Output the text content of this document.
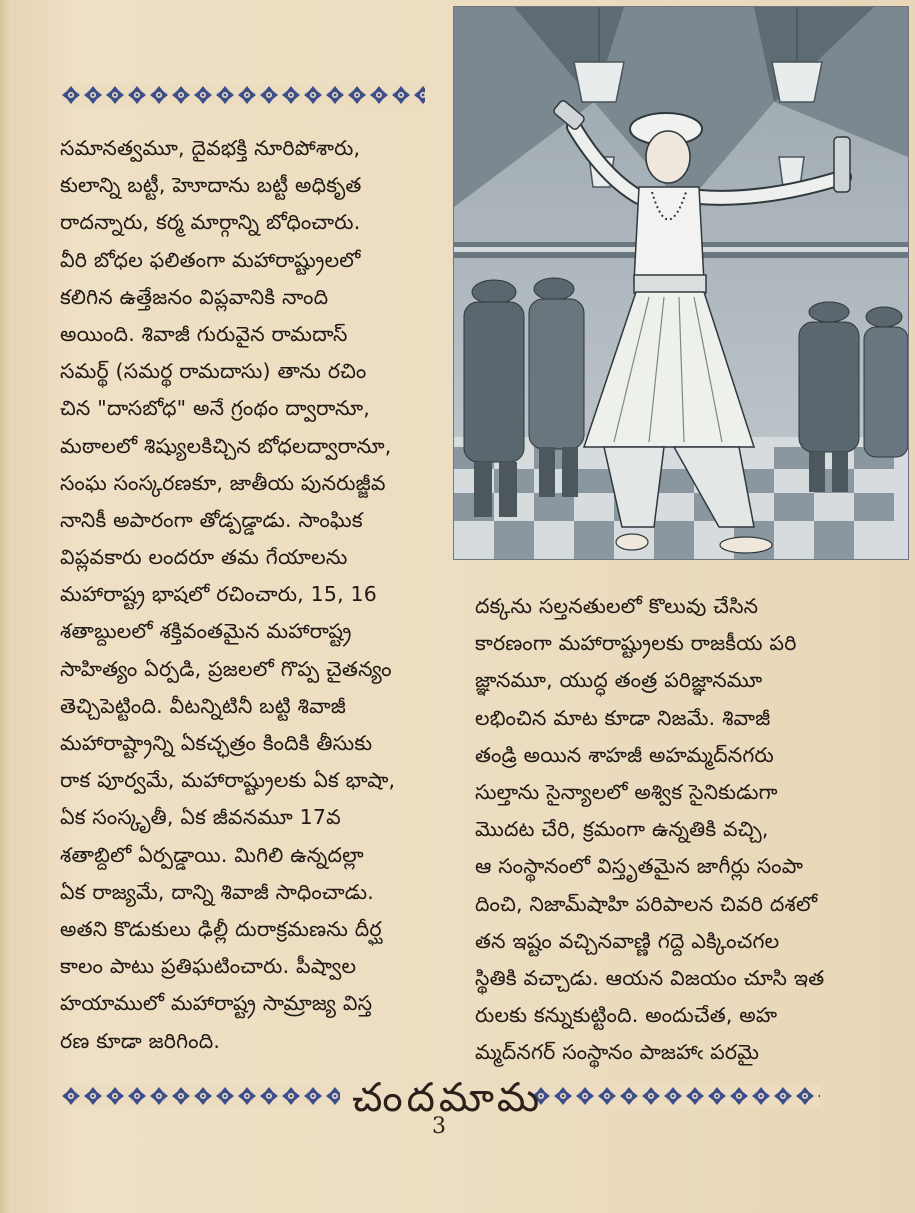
సమానత్వమూ, దైవభక్తి నూరిపోశారు,
కులాన్ని బట్టీ, హెూదాను బట్టీ అధికృత
రాదన్నారు, కర్మ మార్గాన్ని బోధించారు.
వీరి బోధల ఫలితంగా మహారాష్ట్రులలో
కలిగిన ఉత్తేజనం విప్లవానికి నాంది
అయింది. శివాజీ గురువైన రామదాస్
సమర్థ్ (సమర్థ రామదాసు) తాను రచిం
చిన "దాసబోధ" అనే గ్రంథం ద్వారానూ,
మఠాలలో శిష్యులకిచ్చిన బోధలద్వారానూ,
సంఘ సంస్కరణకూ, జాతీయ పునరుజ్జీవ
నానికీ అపారంగా తోడ్పడ్డాడు. సాంఘిక
విప్లవకారు లందరూ తమ గేయాలను
మహారాష్ట్ర భాషలో రచించారు, 15, 16
శతాబ్దులలో శక్తివంతమైన మహారాష్ట్ర
సాహిత్యం ఏర్పడి, ప్రజలలో గొప్ప చైతన్యం
తెచ్చిపెట్టింది. వీటన్నిటినీ బట్టి శివాజీ
మహారాష్ట్రాన్ని ఏకచ్ఛత్రం కిందికి తీసుకు
రాక పూర్వమే, మహారాష్ట్రులకు ఏక భాషా,
ఏక సంస్కృతీ, ఏక జీవనమూ 17వ
శతాబ్దిలో ఏర్పడ్డాయి. మిగిలి ఉన్నదల్లా
ఏక రాజ్యమే, దాన్ని శివాజీ సాధించాడు.
అతని కొడుకులు ఢిల్లీ దురాక్రమణను దీర్ఘ
కాలం పాటు ప్రతిఘటించారు. పీష్వాల
హయాములో మహారాష్ట్ర సామ్రాజ్య విస్త
రణ కూడా జరిగింది.
దక్కను సల్తనతులలో కొలువు చేసిన
కారణంగా మహారాష్ట్రులకు రాజకీయ పరి
జ్ఞానమూ, యుద్ధ తంత్ర పరిజ్ఞానమూ
లభించిన మాట కూడా నిజమే. శివాజీ
తండ్రి అయిన శాహజీ అహమ్మద్‌నగరు
సుల్తాను సైన్యాలలో అశ్విక సైనికుడుగా
మొదట చేరి, క్రమంగా ఉన్నతికి వచ్చి,
ఆ సంస్థానంలో విస్తృతమైన జాగీర్లు సంపా
దించి, నిజామ్‌షాహి పరిపాలన చివరి దశలో
తన ఇష్టం వచ్చినవాణ్ణి గద్దె ఎక్కించగల
స్థితికి వచ్చాడు. ఆయన విజయం చూసి ఇత
రులకు కన్నుకుట్టింది. అందుచేత, అహ
మ్మద్‌నగర్ సంస్థానం పాజహాఁ పరమై
చందమామ
3
